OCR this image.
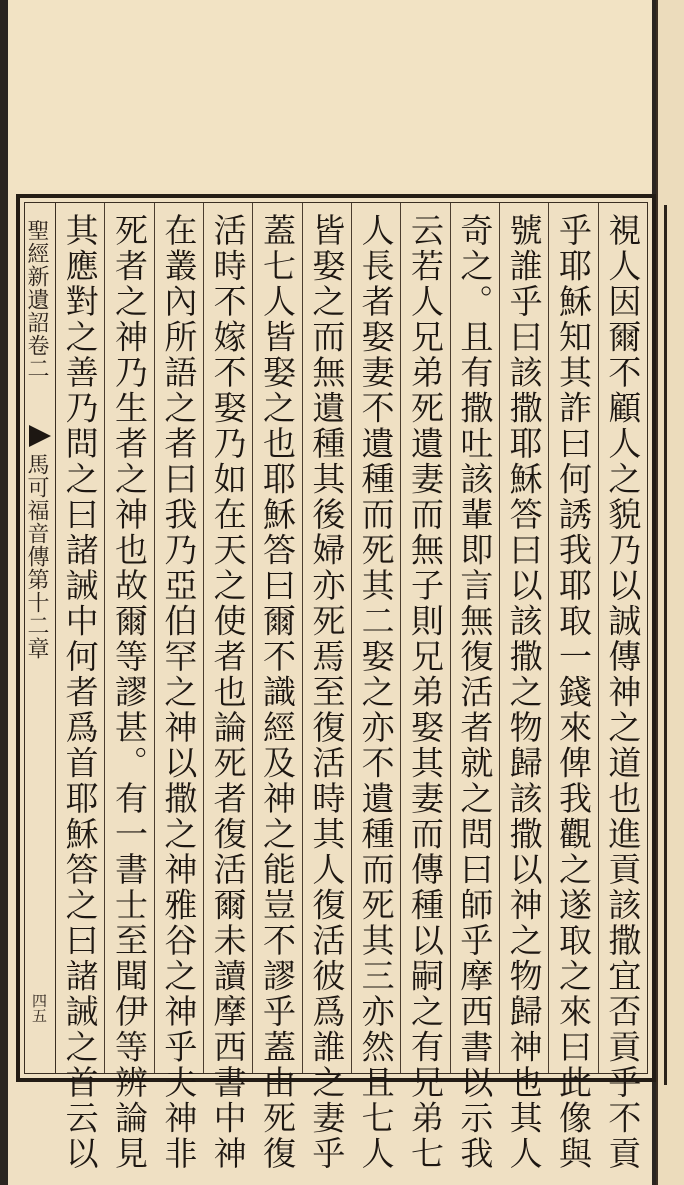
聖經新遺詔卷二
馬可福音傳第十二章
四五	視人因爾不顧人之貌乃以誠傳神之道也進貢該撒宜否貢乎不貢
乎耶穌知其詐曰何誘我耶取一錢來俾我觀之遂取之來曰此像與
號誰乎曰該撒耶穌答曰以該撒之物歸該撒以神之物歸神也其人
奇之。且有撒吐該輩即言無復活者就之問曰師乎摩西書以示我
云若人兄弟死遺妻而無子則兄弟娶其妻而傳種以嗣之有兄弟七
人長者娶妻不遺種而死其二娶之亦不遺種而死其三亦然且七人
皆娶之而無遺種其後婦亦死焉至復活時其人復活彼爲誰之妻乎
蓋七人皆娶之也耶穌答曰爾不識經及神之能豈不謬乎蓋由死復
活時不嫁不娶乃如在天之使者也論死者復活爾未讀摩西書中神
在叢內所語之者曰我乃亞伯罕之神以撒之神雅谷之神乎夫神非
死者之神乃生者之神也故爾等謬甚。有一書士至聞伊等辨論見
其應對之善乃問之曰諸誡中何者爲首耶穌答之曰諸誡之首云以
